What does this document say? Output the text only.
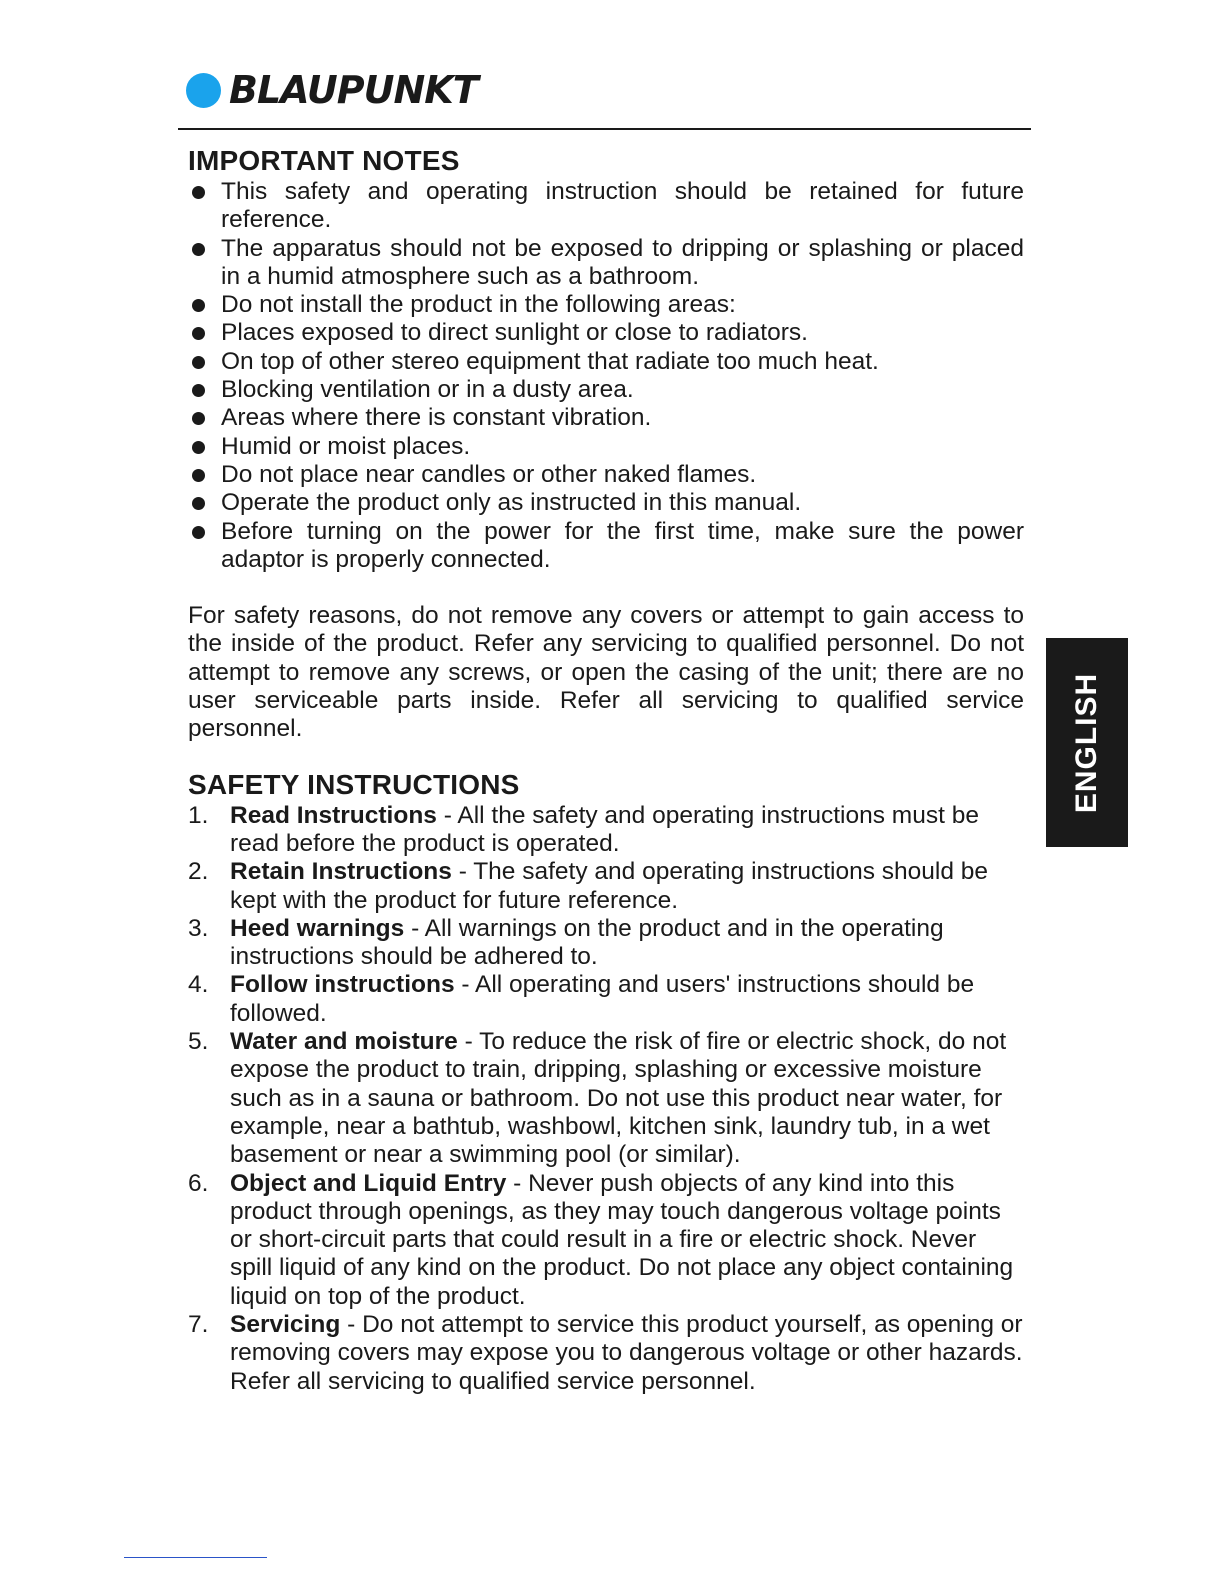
BLAUPUNKT
IMPORTANT NOTES
This safety and operating instruction should be retained for future reference.
The apparatus should not be exposed to dripping or splashing or placed in a humid atmosphere such as a bathroom.
Do not install the product in the following areas:
Places exposed to direct sunlight or close to radiators.
On top of other stereo equipment that radiate too much heat.
Blocking ventilation or in a dusty area.
Areas where there is constant vibration.
Humid or moist places.
Do not place near candles or other naked flames.
Operate the product only as instructed in this manual.
Before turning on the power for the first time, make sure the power adaptor is properly connected.

For safety reasons, do not remove any covers or attempt to gain access to the inside of the product. Refer any servicing to qualified personnel. Do not attempt to remove any screws, or open the casing of the unit; there are no user serviceable parts inside. Refer all servicing to qualified service personnel.

SAFETY INSTRUCTIONS
1. Read Instructions - All the safety and operating instructions must be read before the product is operated.
2. Retain Instructions - The safety and operating instructions should be kept with the product for future reference.
3. Heed warnings - All warnings on the product and in the operating instructions should be adhered to.
4. Follow instructions - All operating and users' instructions should be followed.
5. Water and moisture - To reduce the risk of fire or electric shock, do not expose the product to train, dripping, splashing or excessive moisture such as in a sauna or bathroom. Do not use this product near water, for example, near a bathtub, washbowl, kitchen sink, laundry tub, in a wet basement or near a swimming pool (or similar).
6. Object and Liquid Entry - Never push objects of any kind into this product through openings, as they may touch dangerous voltage points or short-circuit parts that could result in a fire or electric shock. Never spill liquid of any kind on the product. Do not place any object containing liquid on top of the product.
7. Servicing - Do not attempt to service this product yourself, as opening or removing covers may expose you to dangerous voltage or other hazards. Refer all servicing to qualified service personnel.
ENGLISH
